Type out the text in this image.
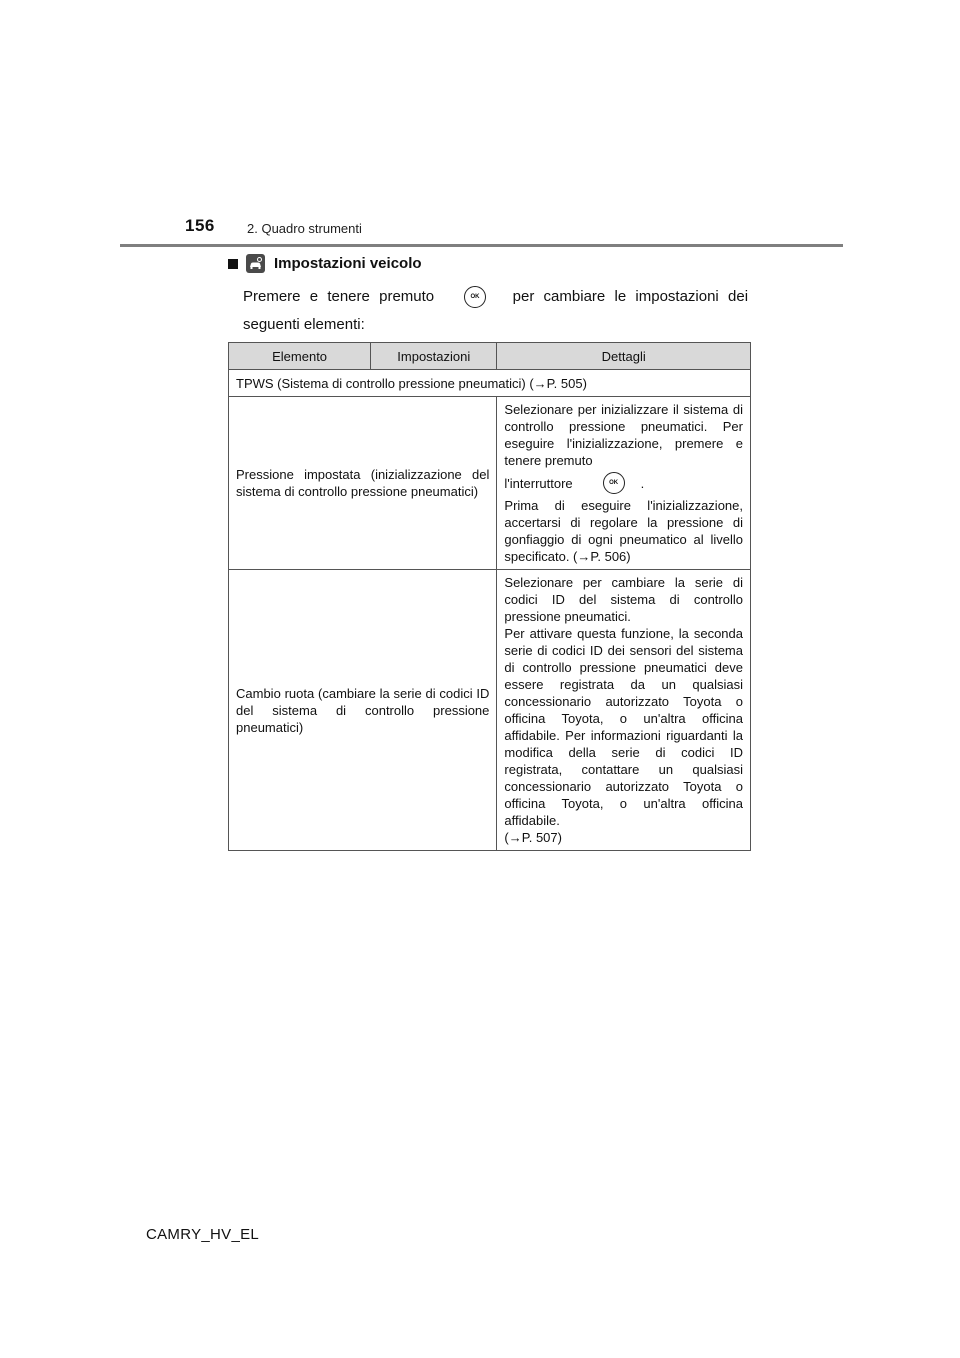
156 2. Quadro strumenti
Impostazioni veicolo
Premere e tenere premuto	per cambiare le impostazioni dei
OK
seguenti elementi:
Elemento	Impostazioni	Dettagli
TPWS (Sistema di controllo pressione pneumatici) (→P. 505)		
Pressione impostata (inizializzazione del sistema di controllo pressione pneumatici)		Selezionare per inizializzare il sistema di controllo pressione pneumatici. Per eseguire l'inizializzazione, premere e tenere premuto

l'interruttore OK .

Prima di eseguire l'inizializzazione, accertarsi di regolare la pressione di gonfiaggio di ogni pneumatico al livello specificato. (→P. 506)

Cambio ruota (cambiare la serie di codici ID del sistema di controllo pressione pneumatici)		Selezionare per cambiare la serie di codici ID del sistema di controllo pressione pneumatici.

Per attivare questa funzione, la seconda serie di codici ID dei sensori del sistema di controllo pressione pneumatici deve essere registrata da un qualsiasi concessionario autorizzato Toyota o officina Toyota, o un'altra officina affidabile. Per informazioni riguardanti la modifica della serie di codici ID registrata, contattare un qualsiasi concessionario autorizzato Toyota o officina Toyota, o un'altra officina affidabile.

(→P. 507)

CAMRY_HV_EL
